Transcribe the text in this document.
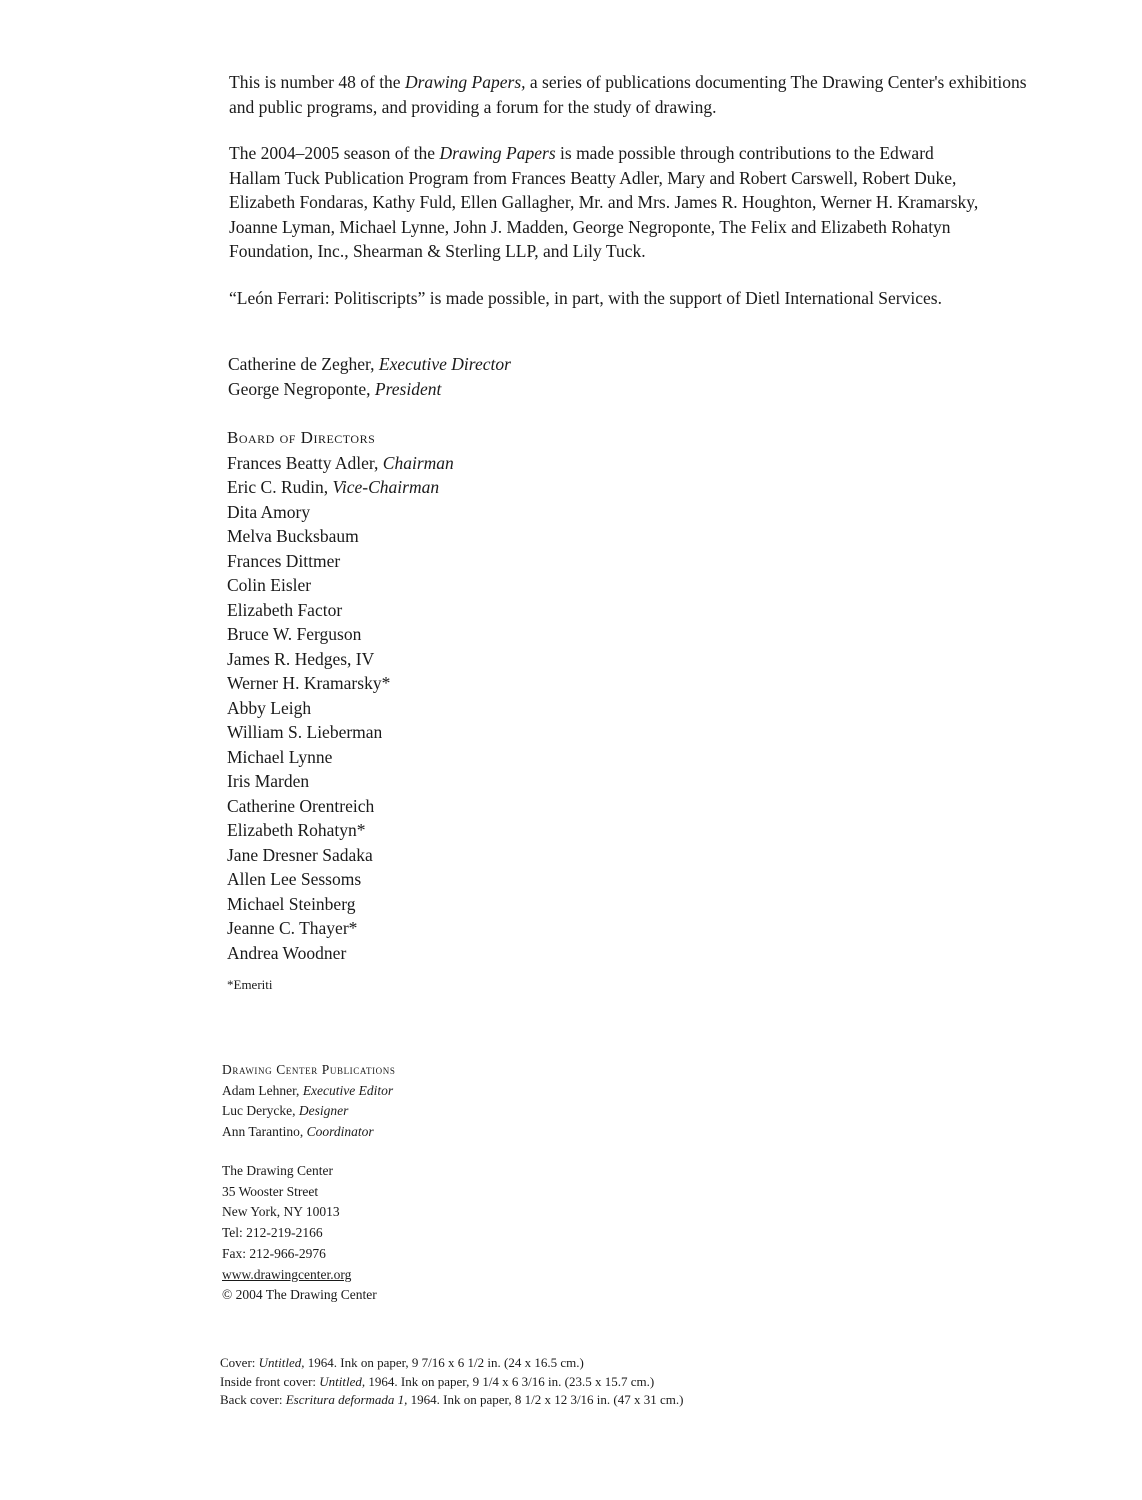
This is number 48 of the Drawing Papers, a series of publications documenting The Drawing Center's exhibitions and public programs, and providing a forum for the study of drawing.

The 2004–2005 season of the Drawing Papers is made possible through contributions to the Edward Hallam Tuck Publication Program from Frances Beatty Adler, Mary and Robert Carswell, Robert Duke, Elizabeth Fondaras, Kathy Fuld, Ellen Gallagher, Mr. and Mrs. James R. Houghton, Werner H. Kramarsky, Joanne Lyman, Michael Lynne, John J. Madden, George Negroponte, The Felix and Elizabeth Rohatyn Foundation, Inc., Shearman & Sterling LLP, and Lily Tuck.

“León Ferrari: Politiscripts” is made possible, in part, with the support of Dietl International Services.

Catherine de Zegher, Executive Director
George Negroponte, President
Board of Directors
Frances Beatty Adler, Chairman
Eric C. Rudin, Vice-Chairman
Dita Amory
Melva Bucksbaum
Frances Dittmer
Colin Eisler
Elizabeth Factor
Bruce W. Ferguson
James R. Hedges, IV
Werner H. Kramarsky*
Abby Leigh
William S. Lieberman
Michael Lynne
Iris Marden
Catherine Orentreich
Elizabeth Rohatyn*
Jane Dresner Sadaka
Allen Lee Sessoms
Michael Steinberg
Jeanne C. Thayer*
Andrea Woodner
*Emeriti
Drawing Center Publications
Adam Lehner, Executive Editor
Luc Derycke, Designer
Ann Tarantino, Coordinator
The Drawing Center
35 Wooster Street
New York, NY 10013
Tel: 212-219-2166
Fax: 212-966-2976
www.drawingcenter.org
© 2004 The Drawing Center
Cover: Untitled, 1964. Ink on paper, 9 7/16 x 6 1/2 in. (24 x 16.5 cm.)
Inside front cover: Untitled, 1964. Ink on paper, 9 1/4 x 6 3/16 in. (23.5 x 15.7 cm.)
Back cover: Escritura deformada 1, 1964. Ink on paper, 8 1/2 x 12 3/16 in. (47 x 31 cm.)
